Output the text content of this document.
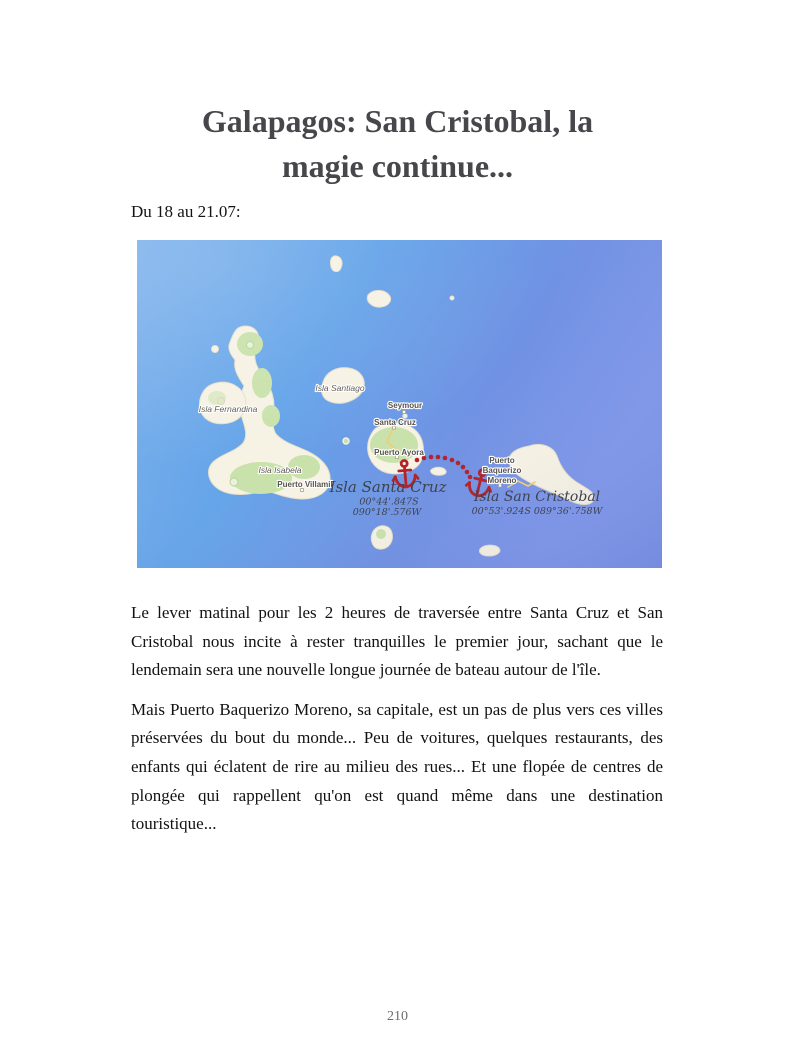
Galapagos: San Cristobal, la
magie continue...
Du 18 au 21.07:

Le lever matinal pour les 2 heures de traversée entre Santa Cruz et San Cristobal nous incite à rester tranquilles le premier jour, sachant que le lendemain sera une nouvelle longue journée de bateau autour de l'île.

Mais Puerto Baquerizo Moreno, sa capitale, est un pas de plus vers ces villes préservées du bout du monde... Peu de voitures, quelques restaurants, des enfants qui éclatent de rire au milieu des rues... Et une flopée de centres de plongée qui rappellent qu'on est quand même dans une destination touristique...

210
